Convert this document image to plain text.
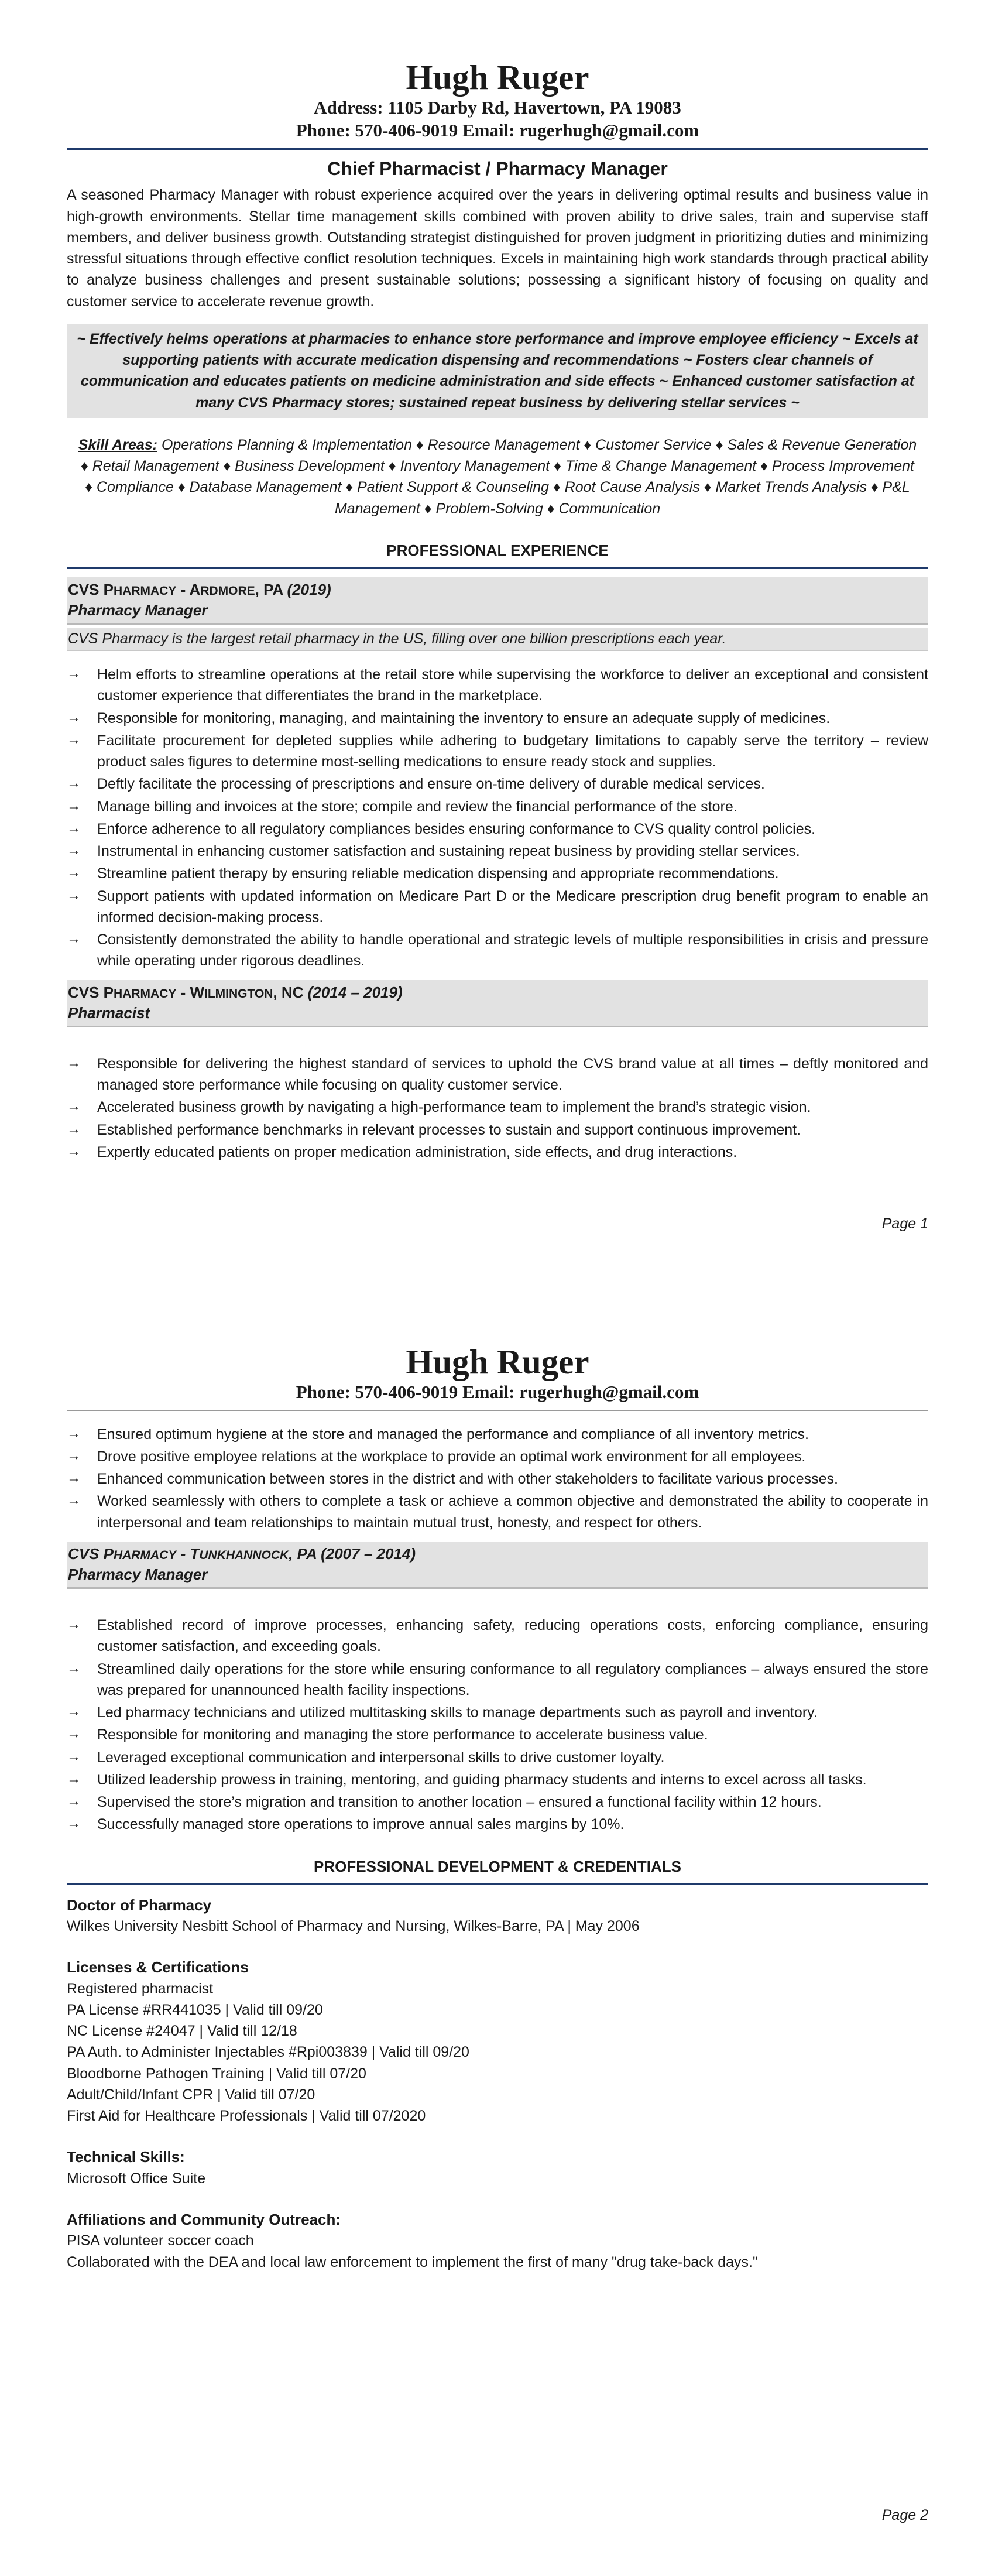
Hugh Ruger
Address: 1105 Darby Rd, Havertown, PA 19083
Phone: 570-406-9019 Email: rugerhugh@gmail.com
Chief Pharmacist / Pharmacy Manager
A seasoned Pharmacy Manager with robust experience acquired over the years in delivering optimal results and business value in high-growth environments. Stellar time management skills combined with proven ability to drive sales, train and supervise staff members, and deliver business growth. Outstanding strategist distinguished for proven judgment in prioritizing duties and minimizing stressful situations through effective conflict resolution techniques. Excels in maintaining high work standards through practical ability to analyze business challenges and present sustainable solutions; possessing a significant history of focusing on quality and customer service to accelerate revenue growth.
~ Effectively helms operations at pharmacies to enhance store performance and improve employee efficiency ~ Excels at supporting patients with accurate medication dispensing and recommendations ~ Fosters clear channels of communication and educates patients on medicine administration and side effects ~ Enhanced customer satisfaction at many CVS Pharmacy stores; sustained repeat business by delivering stellar services ~
Skill Areas: Operations Planning & Implementation ♦ Resource Management ♦ Customer Service ♦ Sales & Revenue Generation ♦ Retail Management ♦ Business Development ♦ Inventory Management ♦ Time & Change Management ♦ Process Improvement ♦ Compliance ♦ Database Management ♦ Patient Support & Counseling ♦ Root Cause Analysis ♦ Market Trends Analysis ♦ P&L Management ♦ Problem-Solving ♦ Communication
PROFESSIONAL EXPERIENCE
CVS PHARMACY - ARDMORE, PA (2019)
Pharmacy Manager
CVS Pharmacy is the largest retail pharmacy in the US, filling over one billion prescriptions each year.
→	Helm efforts to streamline operations at the retail store while supervising the workforce to deliver an exceptional and consistent customer experience that differentiates the brand in the marketplace.
→	Responsible for monitoring, managing, and maintaining the inventory to ensure an adequate supply of medicines.
→	Facilitate procurement for depleted supplies while adhering to budgetary limitations to capably serve the territory – review product sales figures to determine most-selling medications to ensure ready stock and supplies.
→	Deftly facilitate the processing of prescriptions and ensure on-time delivery of durable medical services.
→	Manage billing and invoices at the store; compile and review the financial performance of the store.
→	Enforce adherence to all regulatory compliances besides ensuring conformance to CVS quality control policies.
→	Instrumental in enhancing customer satisfaction and sustaining repeat business by providing stellar services.
→	Streamline patient therapy by ensuring reliable medication dispensing and appropriate recommendations.
→	Support patients with updated information on Medicare Part D or the Medicare prescription drug benefit program to enable an informed decision-making process.
→	Consistently demonstrated the ability to handle operational and strategic levels of multiple responsibilities in crisis and pressure while operating under rigorous deadlines.
CVS PHARMACY - WILMINGTON, NC (2014 – 2019)
Pharmacist
→	Responsible for delivering the highest standard of services to uphold the CVS brand value at all times – deftly monitored and managed store performance while focusing on quality customer service.
→	Accelerated business growth by navigating a high-performance team to implement the brand’s strategic vision.
→	Established performance benchmarks in relevant processes to sustain and support continuous improvement.
→	Expertly educated patients on proper medication administration, side effects, and drug interactions.
Page 1
Hugh Ruger
Phone: 570-406-9019 Email: rugerhugh@gmail.com
→	Ensured optimum hygiene at the store and managed the performance and compliance of all inventory metrics.
→	Drove positive employee relations at the workplace to provide an optimal work environment for all employees.
→	Enhanced communication between stores in the district and with other stakeholders to facilitate various processes.
→	Worked seamlessly with others to complete a task or achieve a common objective and demonstrated the ability to cooperate in interpersonal and team relationships to maintain mutual trust, honesty, and respect for others.
CVS PHARMACY - TUNKHANNOCK, PA (2007 – 2014)
Pharmacy Manager
→	Established record of improve processes, enhancing safety, reducing operations costs, enforcing compliance, ensuring customer satisfaction, and exceeding goals.
→	Streamlined daily operations for the store while ensuring conformance to all regulatory compliances – always ensured the store was prepared for unannounced health facility inspections.
→	Led pharmacy technicians and utilized multitasking skills to manage departments such as payroll and inventory.
→	Responsible for monitoring and managing the store performance to accelerate business value.
→	Leveraged exceptional communication and interpersonal skills to drive customer loyalty.
→	Utilized leadership prowess in training, mentoring, and guiding pharmacy students and interns to excel across all tasks.
→	Supervised the store’s migration and transition to another location – ensured a functional facility within 12 hours.
→	Successfully managed store operations to improve annual sales margins by 10%.
PROFESSIONAL DEVELOPMENT & CREDENTIALS
Doctor of Pharmacy
Wilkes University Nesbitt School of Pharmacy and Nursing, Wilkes-Barre, PA | May 2006
Licenses & Certifications
Registered pharmacist
PA License #RR441035 | Valid till 09/20
NC License #24047 | Valid till 12/18
PA Auth. to Administer Injectables #Rpi003839 | Valid till 09/20
Bloodborne Pathogen Training | Valid till 07/20
Adult/Child/Infant CPR | Valid till 07/20
First Aid for Healthcare Professionals | Valid till 07/2020
Technical Skills:
Microsoft Office Suite
Affiliations and Community Outreach:
PISA volunteer soccer coach
Collaborated with the DEA and local law enforcement to implement the first of many "drug take-back days."
Page 2
